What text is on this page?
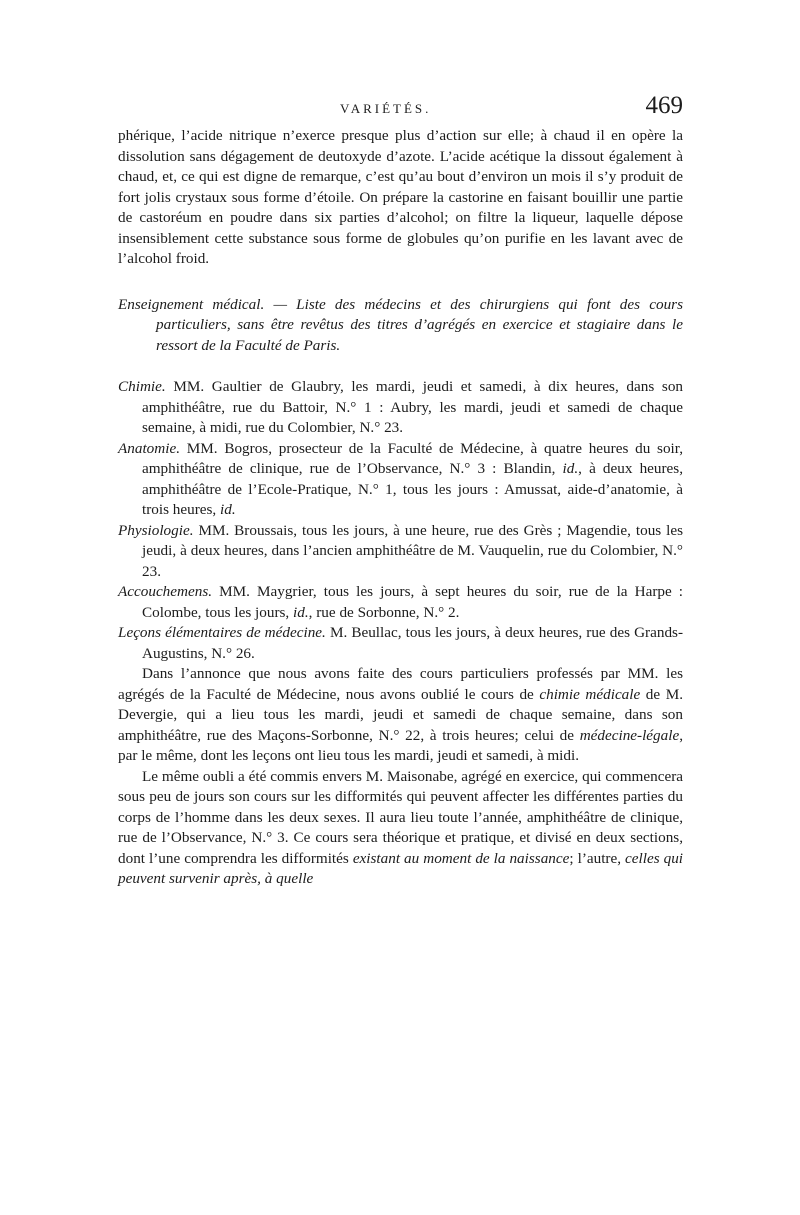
VARIÉTÉS.	469

phérique, l’acide nitrique n’exerce presque plus d’action sur elle; à chaud il en opère la dissolution sans dégagement de deutoxyde d’azote. L’acide acétique la dissout également à chaud, et, ce qui est digne de remarque, c’est qu’au bout d’environ un mois il s’y produit de fort jolis crystaux sous forme d’étoile. On prépare la castorine en faisant bouillir une partie de castoréum en poudre dans six parties d’alcohol; on filtre la liqueur, laquelle dépose insensiblement cette substance sous forme de globules qu’on purifie en les lavant avec de l’alcohol froid.

Enseignement médical. — Liste des médecins et des chirurgiens qui font des cours particuliers, sans être revêtus des titres d’agrégés en exercice et stagiaire dans le ressort de la Faculté de Paris.

Chimie. MM. Gaultier de Glaubry, les mardi, jeudi et samedi, à dix heures, dans son amphithéâtre, rue du Battoir, N.° 1 : Aubry, les mardi, jeudi et samedi de chaque semaine, à midi, rue du Colombier, N.° 23.

Anatomie. MM. Bogros, prosecteur de la Faculté de Médecine, à quatre heures du soir, amphithéâtre de clinique, rue de l’Observance, N.° 3 : Blandin, id., à deux heures, amphithéâtre de l’Ecole-Pratique, N.° 1, tous les jours : Amussat, aide-d’anatomie, à trois heures, id.

Physiologie. MM. Broussais, tous les jours, à une heure, rue des Grès ; Magendie, tous les jeudi, à deux heures, dans l’ancien amphithéâtre de M. Vauquelin, rue du Colombier, N.° 23.

Accouchemens. MM. Maygrier, tous les jours, à sept heures du soir, rue de la Harpe : Colombe, tous les jours, id., rue de Sorbonne, N.° 2.

Leçons élémentaires de médecine. M. Beullac, tous les jours, à deux heures, rue des Grands-Augustins, N.° 26.

Dans l’annonce que nous avons faite des cours particuliers professés par MM. les agrégés de la Faculté de Médecine, nous avons oublié le cours de chimie médicale de M. Devergie, qui a lieu tous les mardi, jeudi et samedi de chaque semaine, dans son amphithéâtre, rue des Maçons-Sorbonne, N.° 22, à trois heures; celui de médecine-légale, par le même, dont les leçons ont lieu tous les mardi, jeudi et samedi, à midi.

Le même oubli a été commis envers M. Maisonabe, agrégé en exercice, qui commencera sous peu de jours son cours sur les difformités qui peuvent affecter les différentes parties du corps de l’homme dans les deux sexes. Il aura lieu toute l’année, amphithéâtre de clinique, rue de l’Observance, N.° 3. Ce cours sera théorique et pratique, et divisé en deux sections, dont l’une comprendra les difformités existant au moment de la naissance; l’autre, celles qui peuvent survenir après, à quelle
